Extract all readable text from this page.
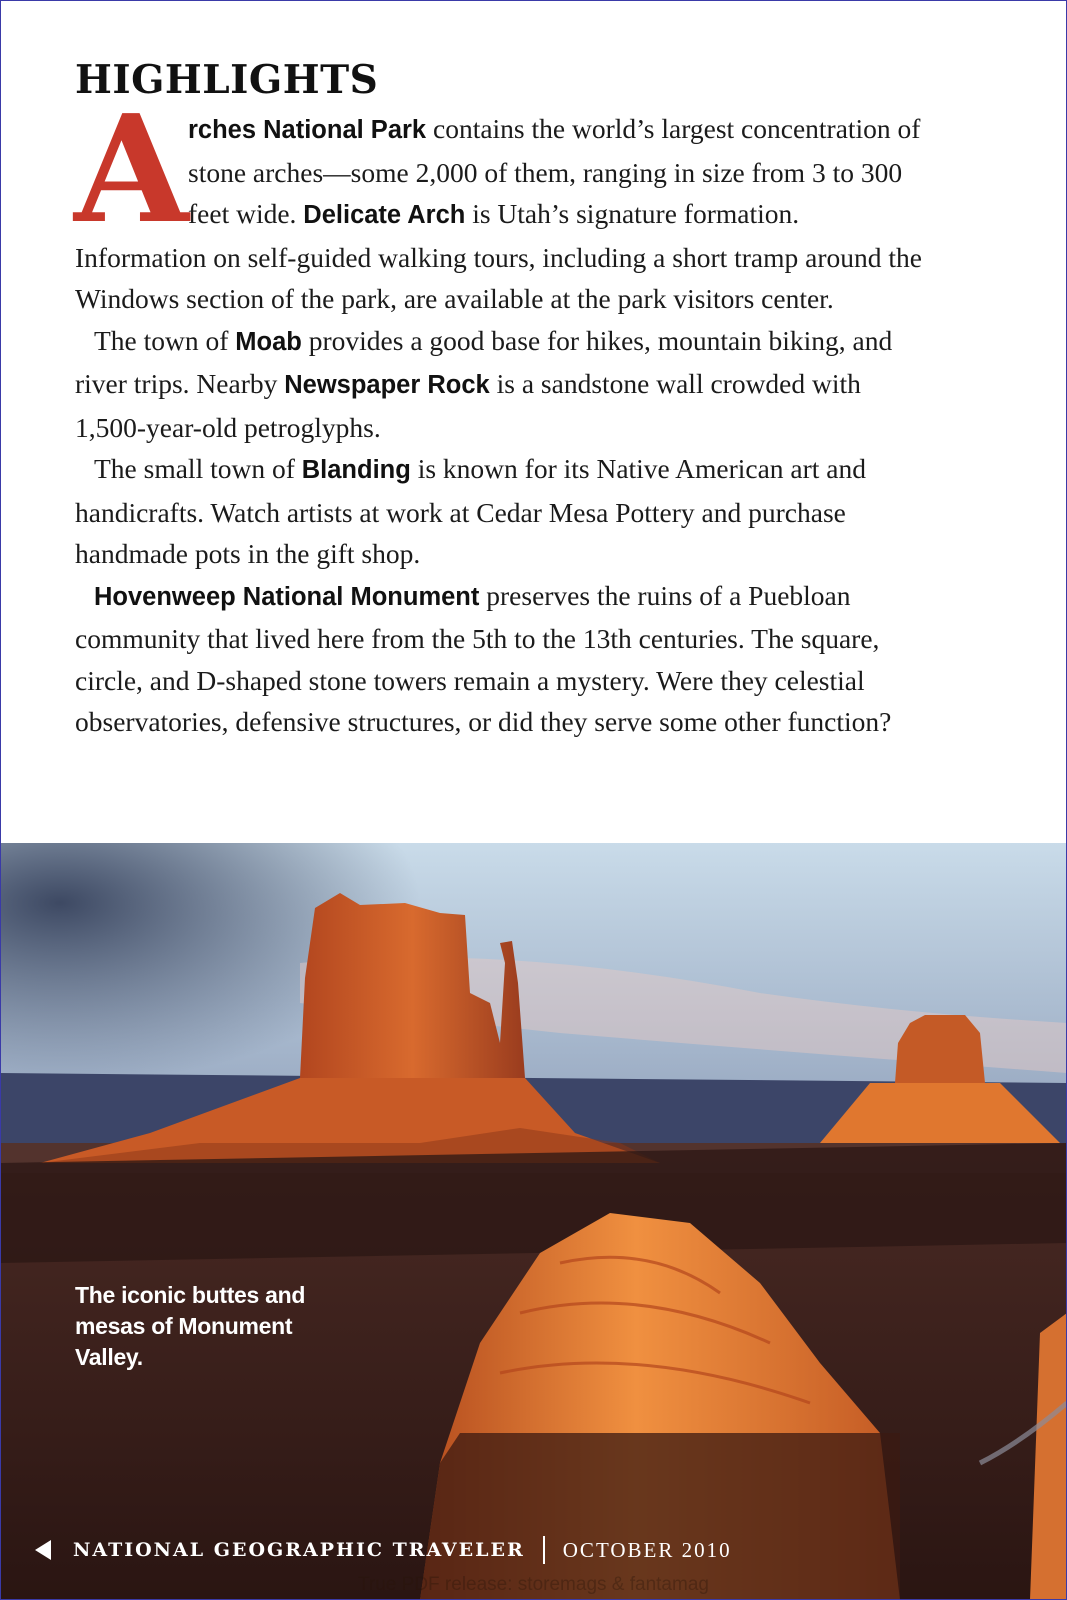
HIGHLIGHTS

A rches National Park contains the world’s largest concentration of stone arches—some 2,000 of them, ranging in size from 3 to 300 feet wide. Delicate Arch is Utah’s signature formation. Information on self-guided walking tours, including a short tramp around the Windows section of the park, are available at the park visitors center.

The town of Moab provides a good base for hikes, mountain biking, and river trips. Nearby Newspaper Rock is a sandstone wall crowded with 1,500-year-old petroglyphs.

The small town of Blanding is known for its Native American art and handicrafts. Watch artists at work at Cedar Mesa Pottery and purchase handmade pots in the gift shop.

Hovenweep National Monument preserves the ruins of a Puebloan community that lived here from the 5th to the 13th centuries. The square, circle, and D-shaped stone towers remain a mystery. Were they celestial observatories, defensive structures, or did they serve some other function?

The iconic buttes and mesas of Monument Valley.
NATIONAL GEOGRAPHIC TRAVELER OCTOBER 2010
True PDF release: storemags & fantamag
